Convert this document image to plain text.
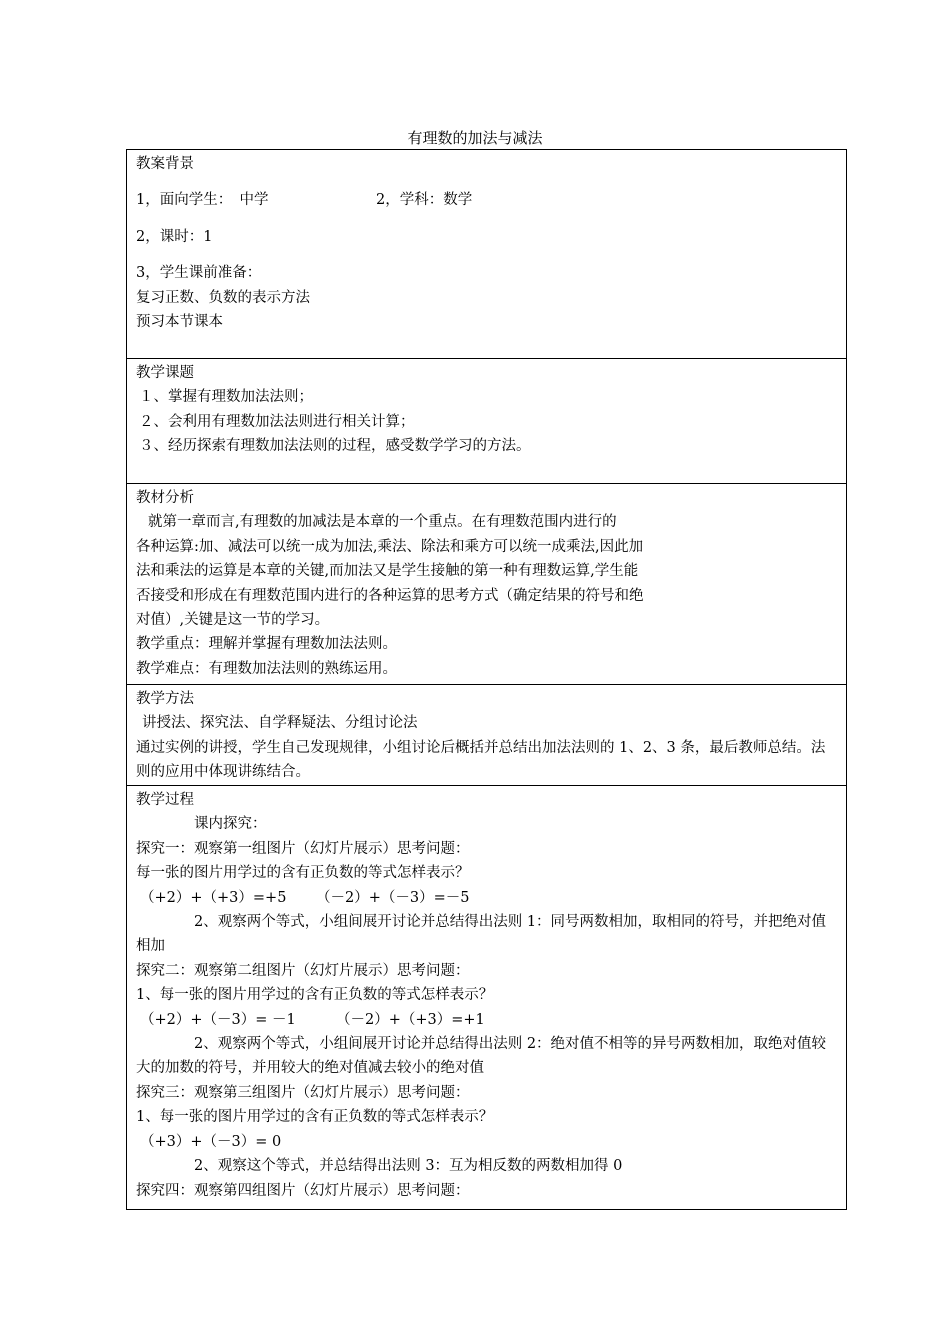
有理数的加法与减法
教案背景
1，面向学生：　中学	2，学科：数学
2，课时：1
3，学生课前准备：
复习正数、负数的表示方法
预习本节课本
教学课题
１、掌握有理数加法法则；
２、会利用有理数加法法则进行相关计算；
３、经历探索有理数加法法则的过程，感受数学学习的方法。
教材分析
就第一章而言,有理数的加减法是本章的一个重点。在有理数范围内进行的
各种运算:加、减法可以统一成为加法,乘法、除法和乘方可以统一成乘法,因此加
法和乘法的运算是本章的关键,而加法又是学生接触的第一种有理数运算,学生能
否接受和形成在有理数范围内进行的各种运算的思考方式（确定结果的符号和绝
对值）,关键是这一节的学习。
教学重点：理解并掌握有理数加法法则。
教学难点：有理数加法法则的熟练运用。
教学方法
讲授法、探究法、自学释疑法、分组讨论法
通过实例的讲授，学生自己发现规律，小组讨论后概括并总结出加法法则的 1、2、3 条，最后教师总结。法则的应用中体现讲练结合。
教学过程
课内探究：
探究一：观察第一组图片（幻灯片展示）思考问题：
每一张的图片用学过的含有正负数的等式怎样表示？
（+2）+（+3）=+5	（－2）+（－3）=－5
2、观察两个等式，小组间展开讨论并总结得出法则 1：同号两数相加，取相同的符号，并把绝对值相加
探究二：观察第二组图片（幻灯片展示）思考问题：
1、每一张的图片用学过的含有正负数的等式怎样表示？
（+2）+（－3）= －1	（－2）+（+3）=+1
2、观察两个等式，小组间展开讨论并总结得出法则 2：绝对值不相等的异号两数相加，取绝对值较大的加数的符号，并用较大的绝对值减去较小的绝对值
探究三：观察第三组图片（幻灯片展示）思考问题：
1、每一张的图片用学过的含有正负数的等式怎样表示？
（+3）+（－3）= 0
2、观察这个等式，并总结得出法则 3：互为相反数的两数相加得 0
探究四：观察第四组图片（幻灯片展示）思考问题：
